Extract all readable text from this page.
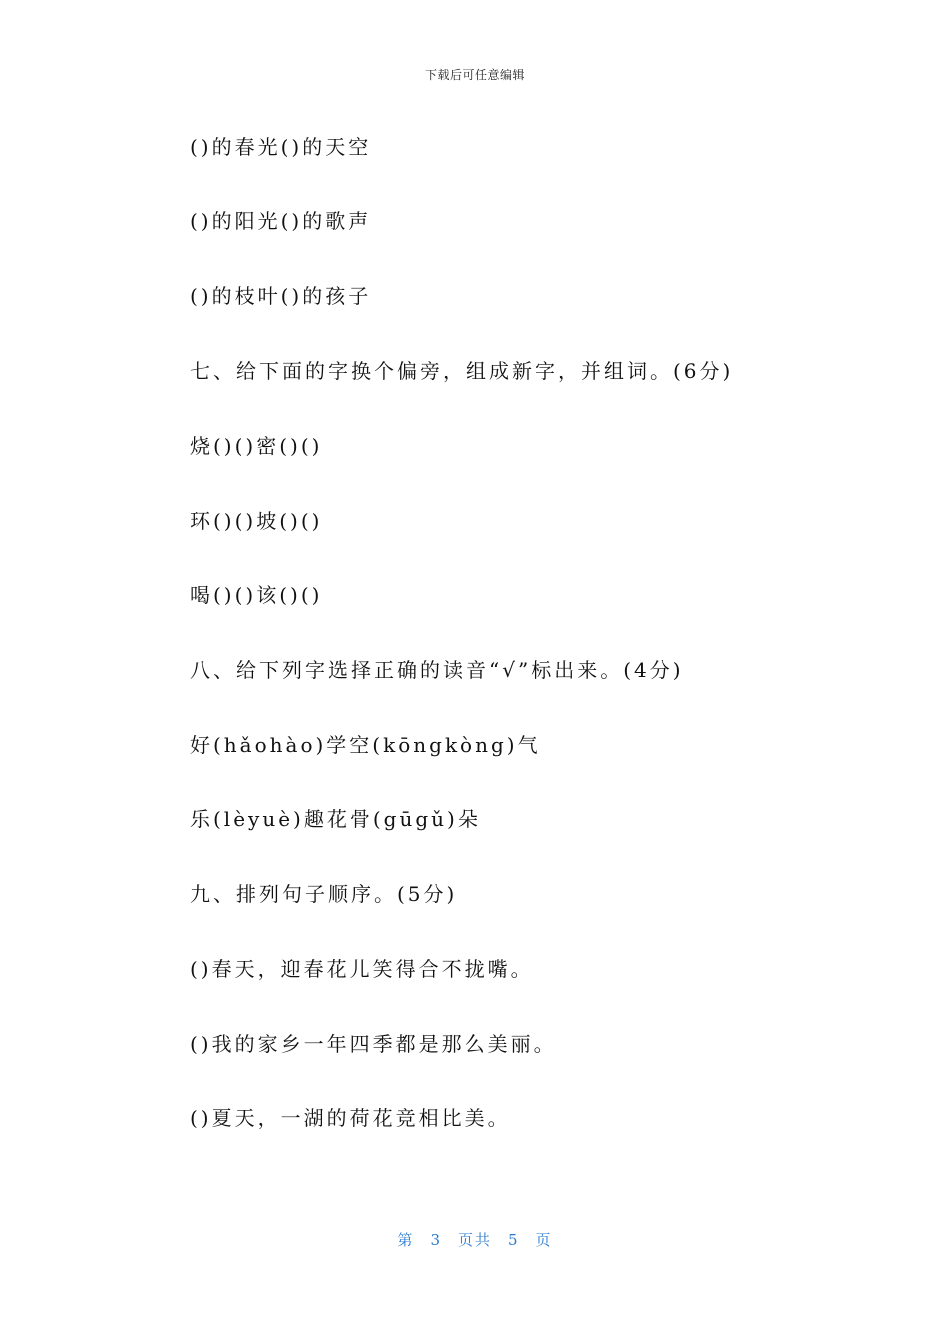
下载后可任意编辑
()的春光()的天空
()的阳光()的歌声
()的枝叶()的孩子
七、给下面的字换个偏旁，组成新字，并组词。(6分)
烧()()密()()
环()()坡()()
喝()()该()()
八、给下列字选择正确的读音“√”标出来。(4分)
好(hǎohào)学空(kōngkòng)气
乐(lèyuè)趣花骨(gūgǔ)朵
九、排列句子顺序。(5分)
()春天，迎春花儿笑得合不拢嘴。
()我的家乡一年四季都是那么美丽。
()夏天，一湖的荷花竞相比美。
第 3 页共 5 页
